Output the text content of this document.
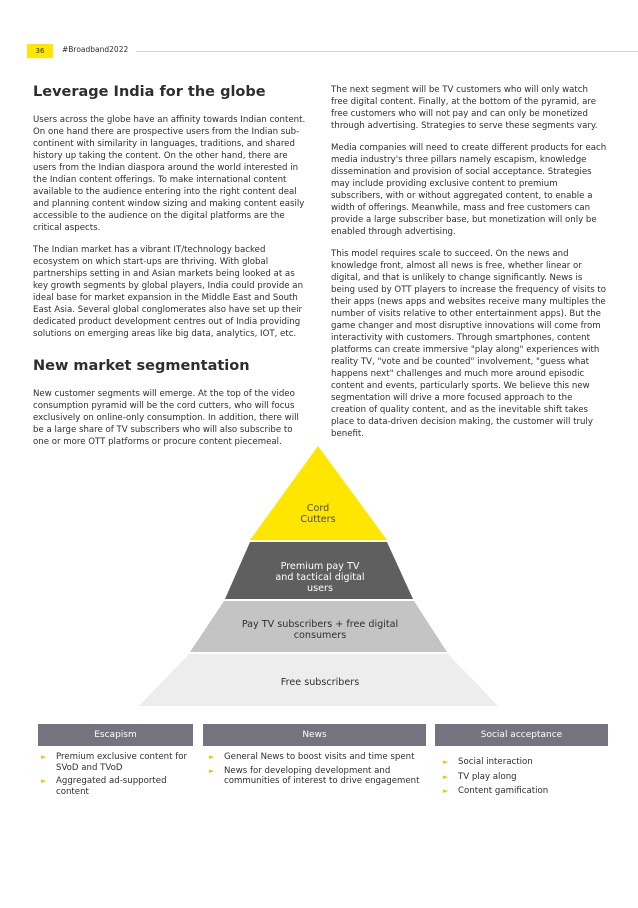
36	#Broadband2022
Leverage India for the globe

Users across the globe have an affinity towards Indian content. On one hand there are prospective users from the Indian sub-continent with similarity in languages, traditions, and shared history up taking the content. On the other hand, there are users from the Indian diaspora around the world interested in the Indian content offerings. To make international content available to the audience entering into the right content deal and planning content window sizing and making content easily accessible to the audience on the digital platforms are the critical aspects.

The Indian market has a vibrant IT/technology backed ecosystem on which start-ups are thriving. With global partnerships setting in and Asian markets being looked at as key growth segments by global players, India could provide an ideal base for market expansion in the Middle East and South East Asia. Several global conglomerates also have set up their dedicated product development centres out of India providing solutions on emerging areas like big data, analytics, IOT, etc.

New market segmentation

New customer segments will emerge. At the top of the video consumption pyramid will be the cord cutters, who will focus exclusively on online-only consumption. In addition, there will be a large share of TV subscribers who will also subscribe to one or more OTT platforms or procure content piecemeal.

The next segment will be TV customers who will only watch free digital content. Finally, at the bottom of the pyramid, are free customers who will not pay and can only be monetized through advertising. Strategies to serve these segments vary.

Media companies will need to create different products for each media industry's three pillars namely escapism, knowledge dissemination and provision of social acceptance. Strategies may include providing exclusive content to premium subscribers, with or without aggregated content, to enable a width of offerings. Meanwhile, mass and free customers can provide a large subscriber base, but monetization will only be enabled through advertising.

This model requires scale to succeed. On the news and knowledge front, almost all news is free, whether linear or digital, and that is unlikely to change significantly. News is being used by OTT players to increase the frequency of visits to their apps (news apps and websites receive many multiples the number of visits relative to other entertainment apps). But the game changer and most disruptive innovations will come from interactivity with customers. Through smartphones, content platforms can create immersive "play along" experiences with reality TV, "vote and be counted" involvement, "guess what happens next" challenges and much more around episodic content and events, particularly sports. We believe this new segmentation will drive a more focused approach to the creation of quality content, and as the inevitable shift takes place to data-driven decision making, the customer will truly benefit.

Cord
Cutters
Premium pay TV
and tactical digital
users
Pay TV subscribers + free digital
consumers
Free subscribers
Escapism	News	Social acceptance
► Premium exclusive content for SVoD and TVoD
► Aggregated ad-supported content
► General News to boost visits and time spent
► News for developing development and communities of interest to drive engagement
► Social interaction
► TV play along
► Content gamification
